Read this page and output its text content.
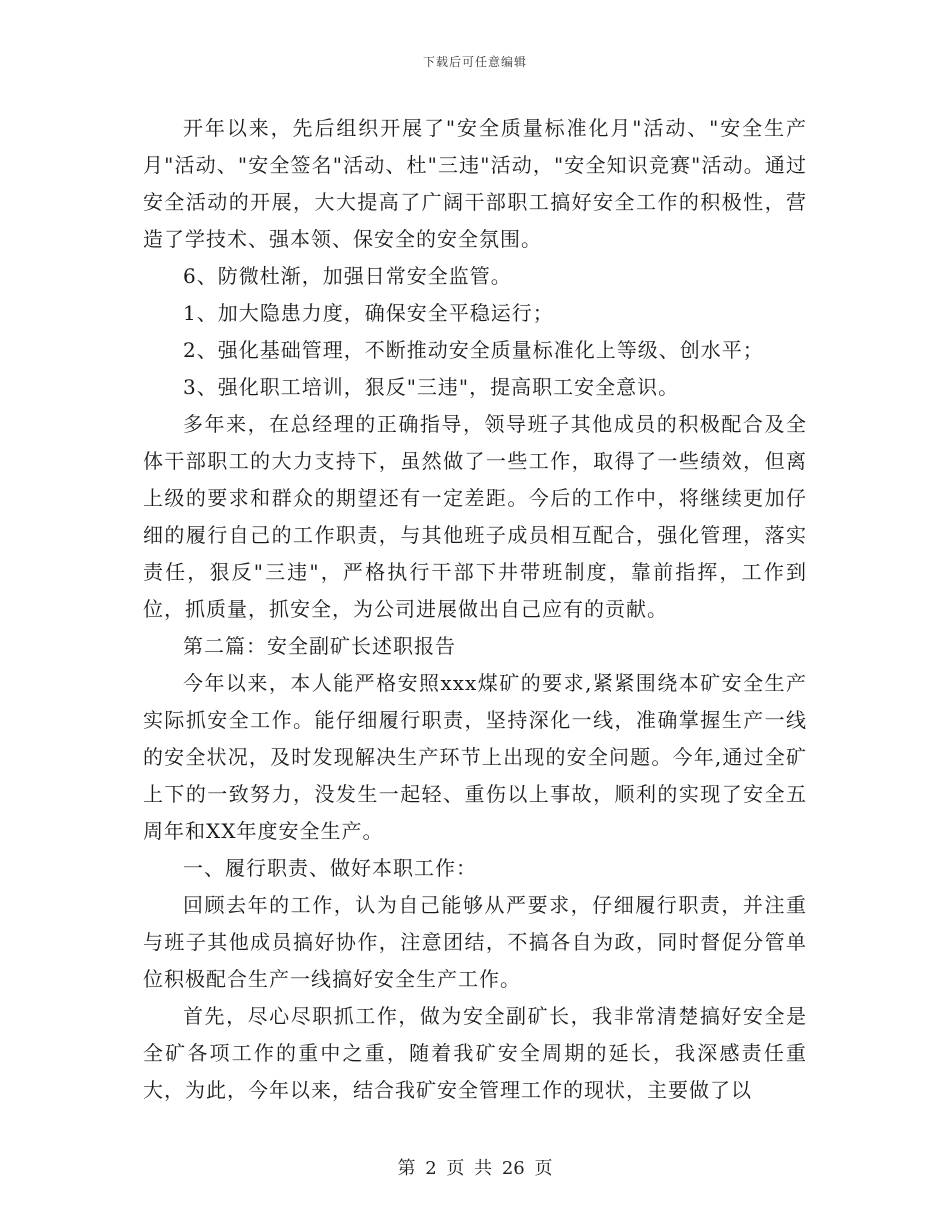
下载后可任意编辑

开年以来，先后组织开展了"安全质量标准化月"活动、"安全生产月"活动、"安全签名"活动、杜"三违"活动，"安全知识竞赛"活动。通过安全活动的开展，大大提高了广阔干部职工搞好安全工作的积极性，营造了学技术、强本领、保安全的安全氛围。

6、防微杜渐，加强日常安全监管。

1、加大隐患力度，确保安全平稳运行；

2、强化基础管理，不断推动安全质量标准化上等级、创水平；

3、强化职工培训，狠反"三违"，提高职工安全意识。

多年来，在总经理的正确指导，领导班子其他成员的积极配合及全体干部职工的大力支持下，虽然做了一些工作，取得了一些绩效，但离上级的要求和群众的期望还有一定差距。今后的工作中，将继续更加仔细的履行自己的工作职责，与其他班子成员相互配合，强化管理，落实责任，狠反"三违"，严格执行干部下井带班制度，靠前指挥，工作到位，抓质量，抓安全，为公司进展做出自己应有的贡献。

第二篇：安全副矿长述职报告

今年以来，本人能严格安照xxx煤矿的要求,紧紧围绕本矿安全生产实际抓安全工作。能仔细履行职责，坚持深化一线，准确掌握生产一线的安全状况，及时发现解决生产环节上出现的安全问题。今年,通过全矿上下的一致努力，没发生一起轻、重伤以上事故，顺利的实现了安全五周年和XX年度安全生产。

一、履行职责、做好本职工作：

回顾去年的工作，认为自己能够从严要求，仔细履行职责，并注重与班子其他成员搞好协作，注意团结，不搞各自为政，同时督促分管单位积极配合生产一线搞好安全生产工作。

首先，尽心尽职抓工作，做为安全副矿长，我非常清楚搞好安全是全矿各项工作的重中之重，随着我矿安全周期的延长，我深感责任重大，为此，今年以来，结合我矿安全管理工作的现状，主要做了以

第 2 页 共 26 页
